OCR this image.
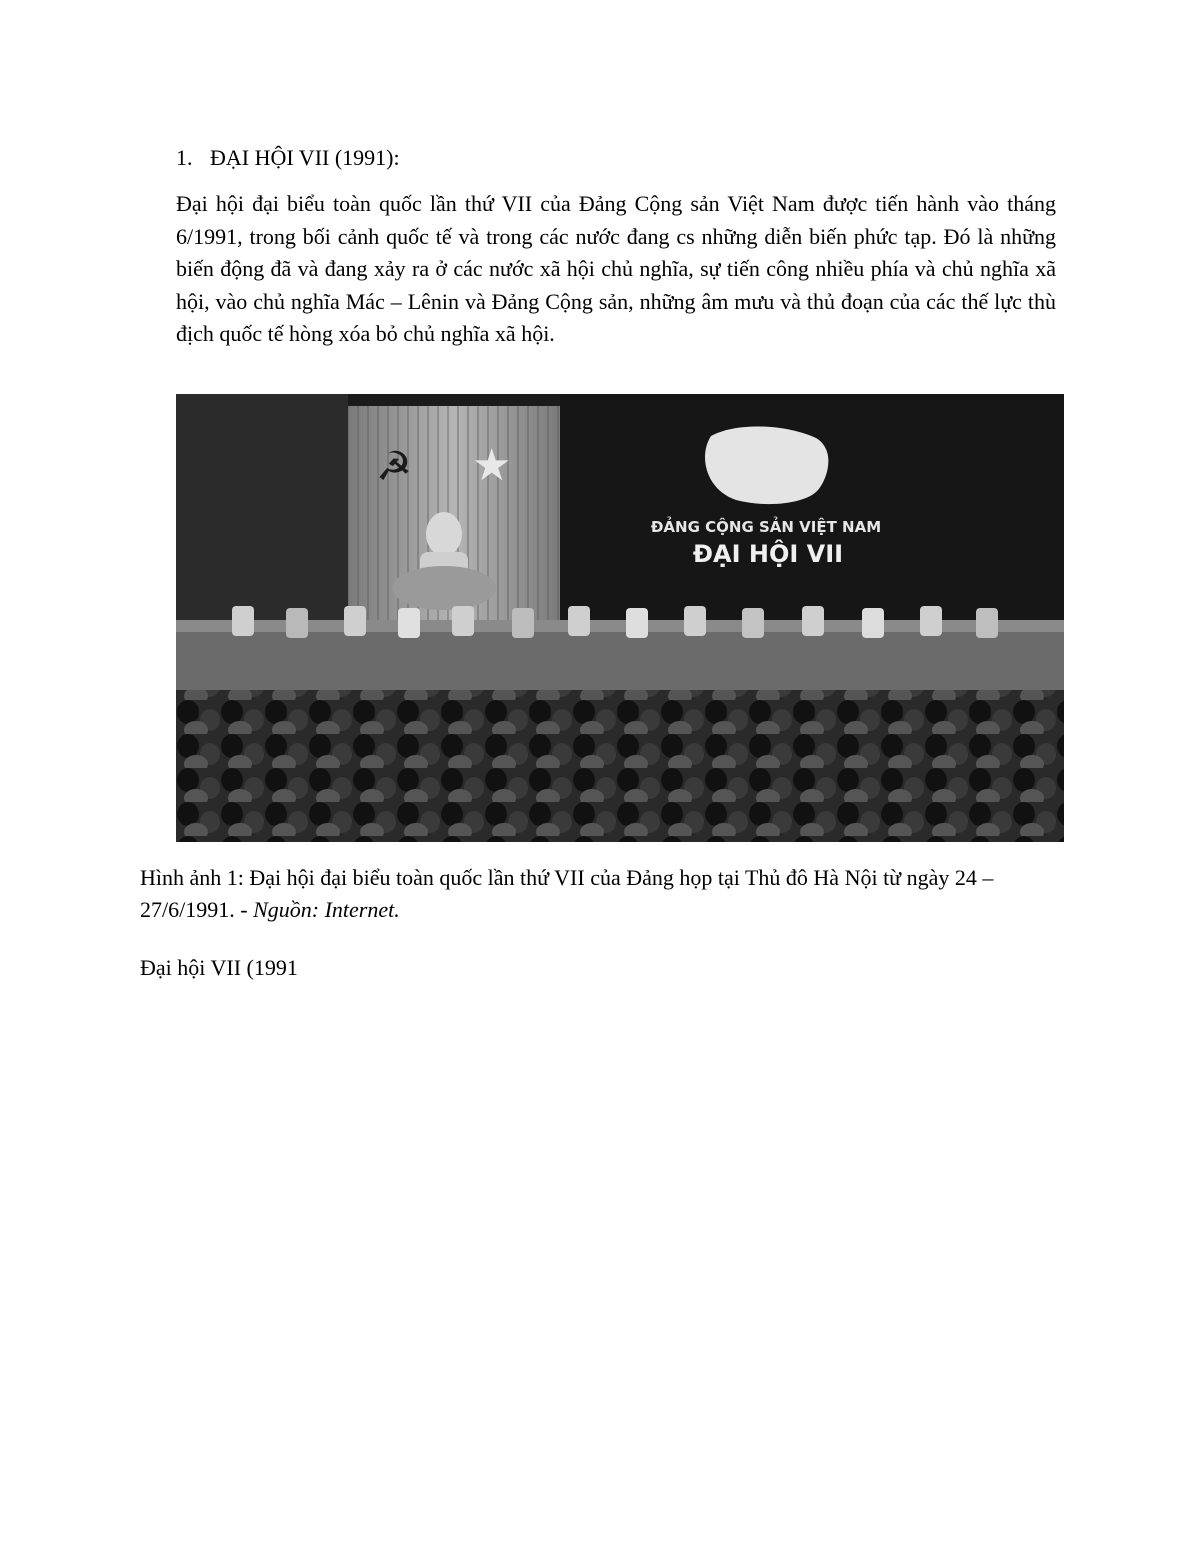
1. ĐẠI HỘI VII (1991):
Đại hội đại biểu toàn quốc lần thứ VII của Đảng Cộng sản Việt Nam được tiến hành vào tháng 6/1991, trong bối cảnh quốc tế và trong các nước đang cs những diễn biến phức tạp. Đó là những biến động đã và đang xảy ra ở các nước xã hội chủ nghĩa, sự tiến công nhiều phía và chủ nghĩa xã hội, vào chủ nghĩa Mác – Lênin và Đảng Cộng sản, những âm mưu và thủ đoạn của các thế lực thù địch quốc tế hòng xóa bỏ chủ nghĩa xã hội.
☭ ★
ĐẢNG CỘNG SẢN VIỆT NAM
ĐẠI HỘI VII
Hình ảnh 1: Đại hội đại biểu toàn quốc lần thứ VII của Đảng họp tại Thủ đô Hà Nội từ ngày 24 – 27/6/1991. - Nguồn: Internet.
Đại hội VII (1991
